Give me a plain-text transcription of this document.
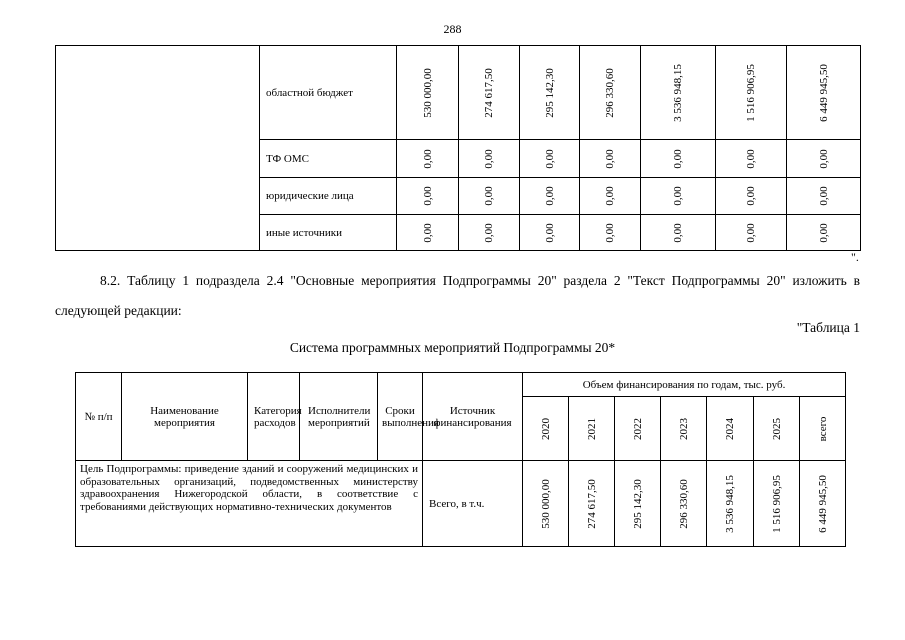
288
	областной бюджет	530 000,00	274 617,50	295 142,30	296 330,60	3 536 948,15	1 516 906,95	6 449 945,50

	ТФ ОМС	0,00	0,00	0,00	0,00	0,00	0,00	0,00

	юридические лица	0,00	0,00	0,00	0,00	0,00	0,00	0,00

	иные источники	0,00	0,00	0,00	0,00	0,00	0,00	0,00
".
8.2. Таблицу 1 подраздела 2.4 "Основные мероприятия Подпрограммы 20" раздела 2 "Текст Подпрограммы 20" изложить в следующей редакции:
"Таблица 1
Система программных мероприятий Подпрограммы 20*
№ п/п	Наименование мероприятия	Категория расходов	Исполнители мероприятий	Сроки выполнения	Источник финансирования	Объем финансирования по годам, тыс. руб.						

						2020	2021	2022	2023	2024	2025	всего

Цель Подпрограммы: приведение зданий и сооружений медицинских и образовательных организаций, подведомственных министерству здравоохранения Нижегородской области, в соответствие с требованиями действующих нормативно-технических документов					Всего, в т.ч.	530 000,00	274 617,50	295 142,30	296 330,60	3 536 948,15	1 516 906,95	6 449 945,50
